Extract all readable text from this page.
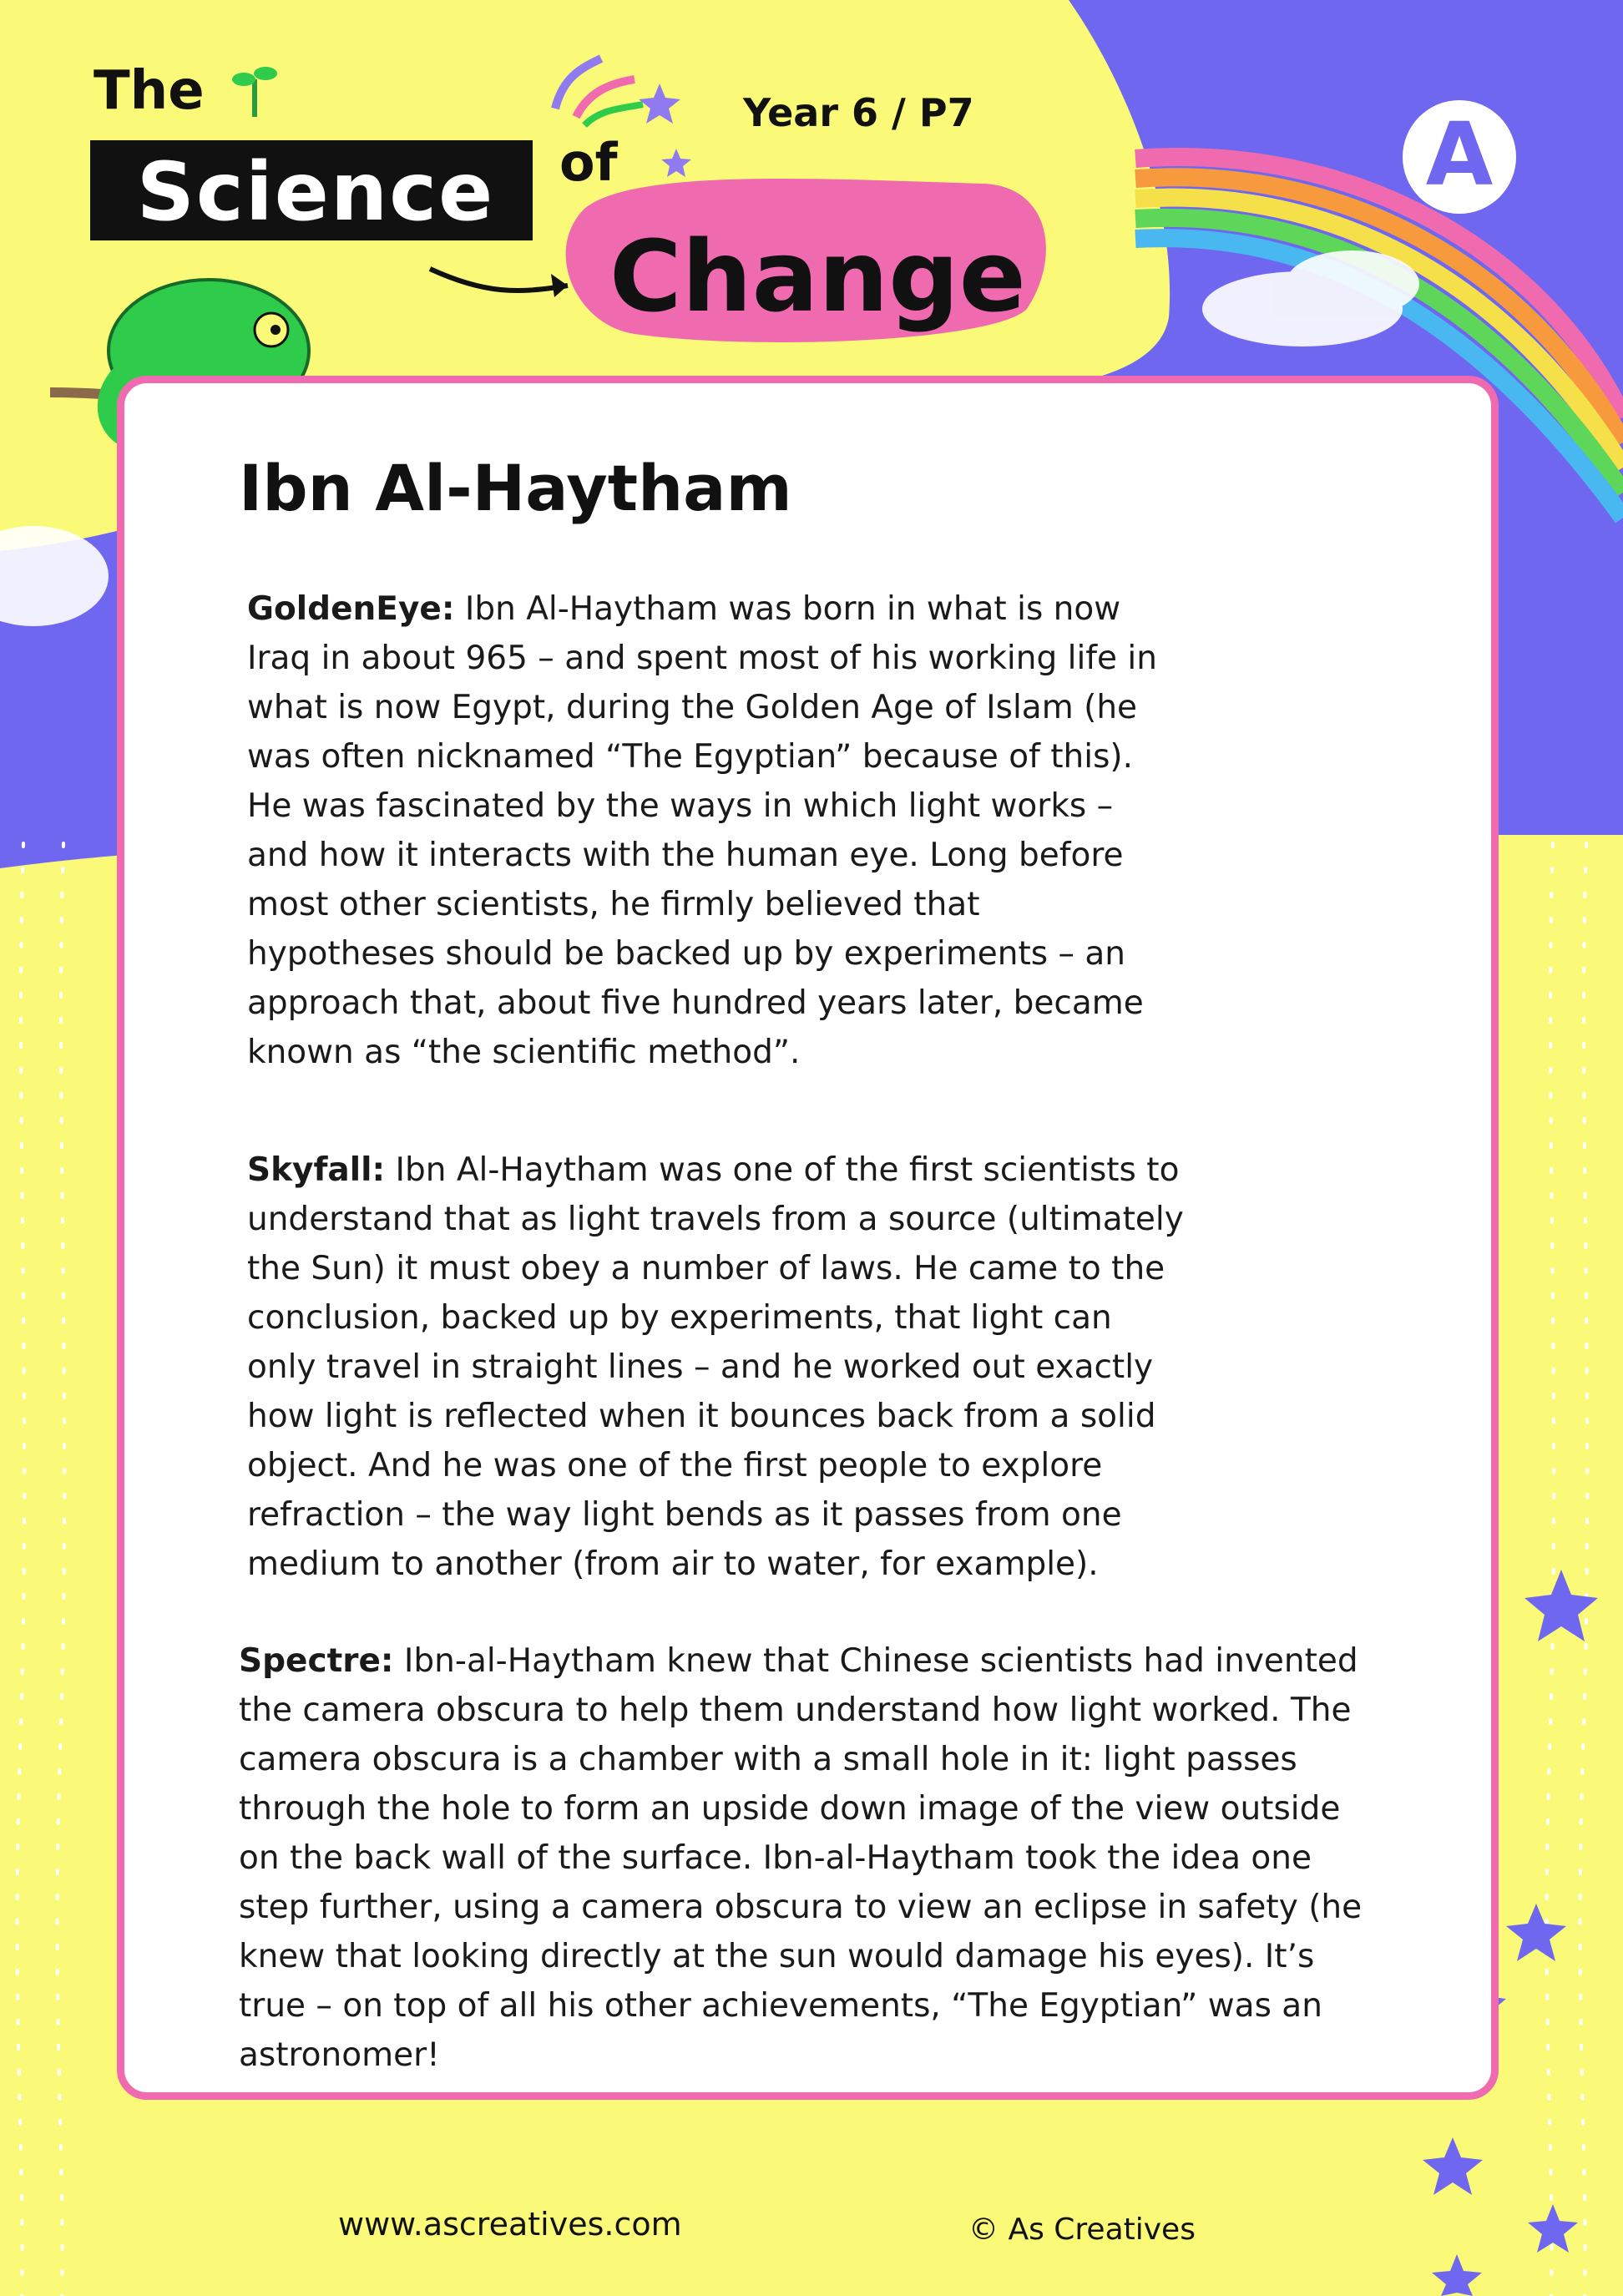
The
Science	of
Change
Year 6 / P7	A
Ibn Al-Haytham
GoldenEye: Ibn Al-Haytham was born in what is now Iraq in about 965 – and spent most of his working life in what is now Egypt, during the Golden Age of Islam (he was often nicknamed “The Egyptian” because of this). He was fascinated by the ways in which light works – and how it interacts with the human eye. Long before most other scientists, he firmly believed that hypotheses should be backed up by experiments – an approach that, about five hundred years later, became known as “the scientific method”.
Skyfall: Ibn Al-Haytham was one of the first scientists to understand that as light travels from a source (ultimately the Sun) it must obey a number of laws. He came to the conclusion, backed up by experiments, that light can only travel in straight lines – and he worked out exactly how light is reflected when it bounces back from a solid object. And he was one of the first people to explore refraction – the way light bends as it passes from one medium to another (from air to water, for example).
Spectre: Ibn-al-Haytham knew that Chinese scientists had invented the camera obscura to help them understand how light worked. The camera obscura is a chamber with a small hole in it: light passes through the hole to form an upside down image of the view outside on the back wall of the surface. Ibn-al-Haytham took the idea one step further, using a camera obscura to view an eclipse in safety (he knew that looking directly at the sun would damage his eyes). It’s true – on top of all his other achievements, “The Egyptian” was an astronomer!
www.ascreatives.com	© As Creatives
